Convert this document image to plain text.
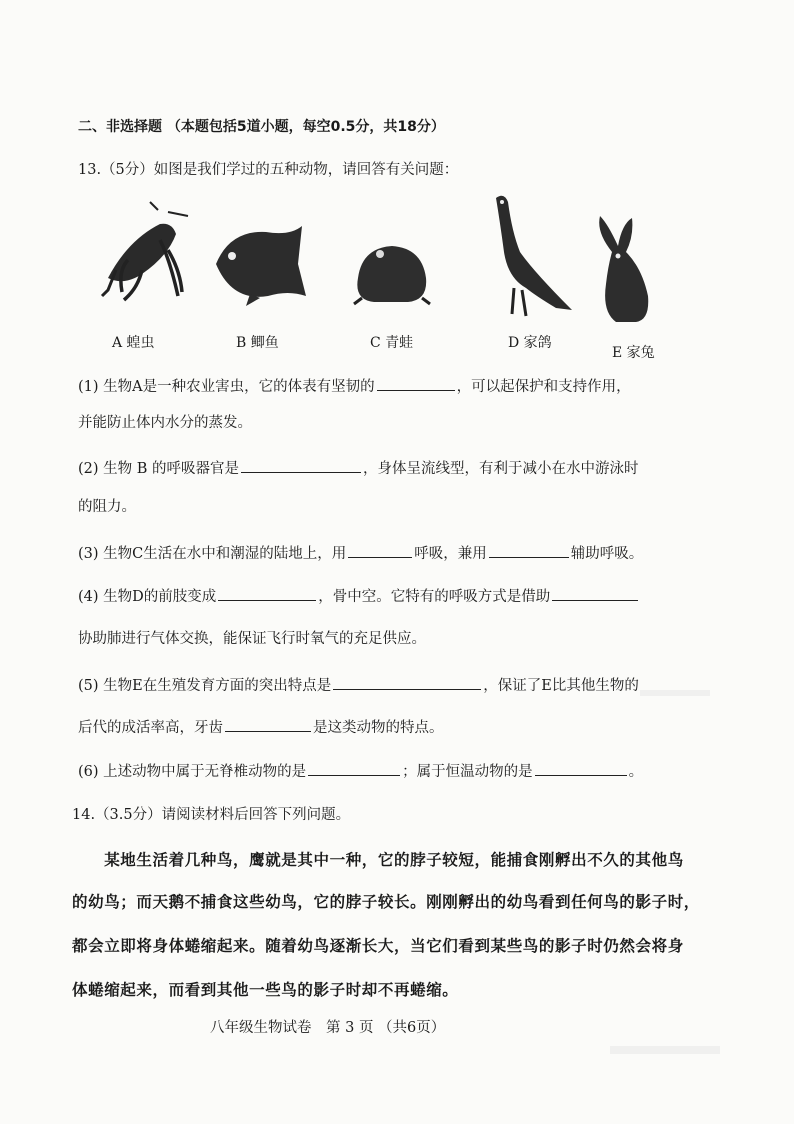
二、非选择题 （本题包括5道小题，每空0.5分，共18分）
13.（5分）如图是我们学过的五种动物，请回答有关问题：
A 蝗虫	B 鲫鱼	C 青蛙	D 家鸽
E 家兔
(1) 生物A是一种农业害虫，它的体表有坚韧的	，可以起保护和支持作用，
并能防止体内水分的蒸发。
(2) 生物 B 的呼吸器官是	，身体呈流线型，有利于减小在水中游泳时
的阻力。
(3) 生物C生活在水中和潮湿的陆地上，用	呼吸，兼用	辅助呼吸。
(4) 生物D的前肢变成	，骨中空。它特有的呼吸方式是借助
协助肺进行气体交换，能保证飞行时氧气的充足供应。
(5) 生物E在生殖发育方面的突出特点是	，保证了E比其他生物的
后代的成活率高，牙齿	是这类动物的特点。
(6) 上述动物中属于无脊椎动物的是	；属于恒温动物的是	。
14.（3.5分）请阅读材料后回答下列问题。
　　某地生活着几种鸟，鹰就是其中一种，它的脖子较短，能捕食刚孵出不久的其他鸟
的幼鸟；而天鹅不捕食这些幼鸟，它的脖子较长。刚刚孵出的幼鸟看到任何鸟的影子时，
都会立即将身体蜷缩起来。随着幼鸟逐渐长大，当它们看到某些鸟的影子时仍然会将身
体蜷缩起来，而看到其他一些鸟的影子时却不再蜷缩。
八年级生物试卷　第 3 页 （共6页）
